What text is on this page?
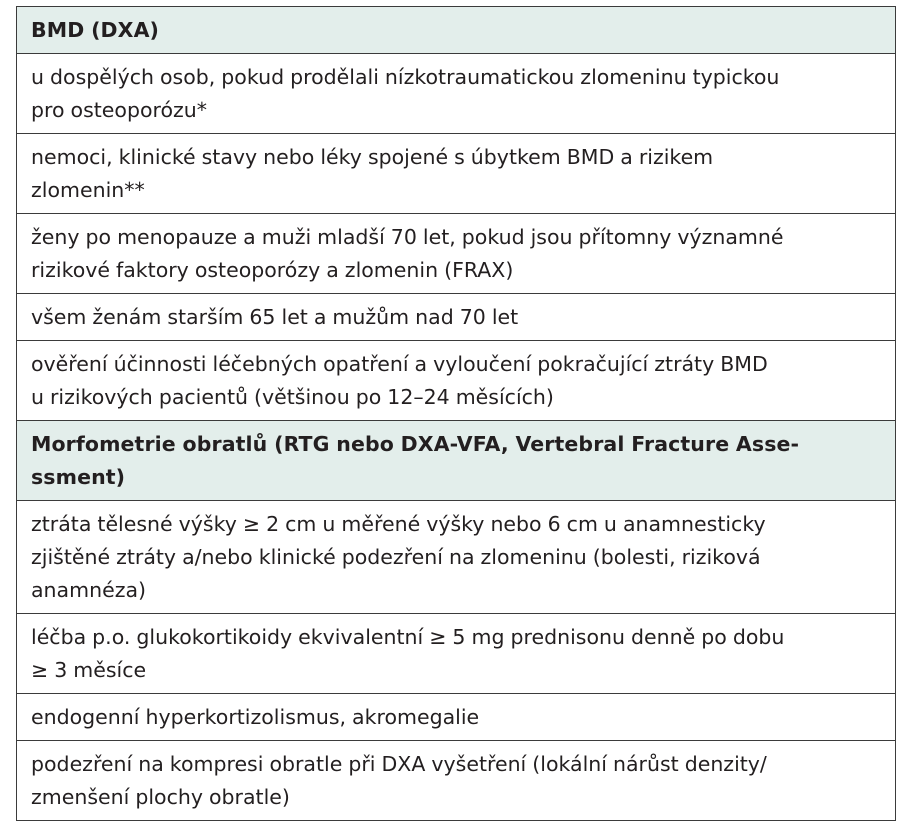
BMD (DXA)
u dospělých osob, pokud prodělali nízkotraumatickou zlomeninu typickou
pro osteoporózu*
nemoci, klinické stavy nebo léky spojené s úbytkem BMD a rizikem
zlomenin**
ženy po menopauze a muži mladší 70 let, pokud jsou přítomny významné
rizikové faktory osteoporózy a zlomenin (FRAX)
všem ženám starším 65 let a mužům nad 70 let
ověření účinnosti léčebných opatření a vyloučení pokračující ztráty BMD
u rizikových pacientů (většinou po 12–24 měsících)
Morfometrie obratlů (RTG nebo DXA-VFA, Vertebral Fracture Asse-
ssment)
ztráta tělesné výšky ≥ 2 cm u měřené výšky nebo 6 cm u anamnesticky
zjištěné ztráty a/nebo klinické podezření na zlomeninu (bolesti, riziková
anamnéza)
léčba p.o. glukokortikoidy ekvivalentní ≥ 5 mg prednisonu denně po dobu
≥ 3 měsíce
endogenní hyperkortizolismus, akromegalie
podezření na kompresi obratle při DXA vyšetření (lokální nárůst denzity/
zmenšení plochy obratle)
